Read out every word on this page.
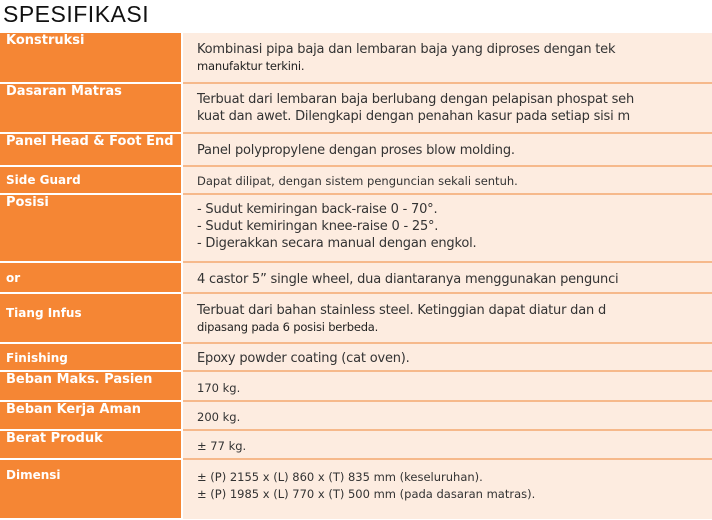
SPESIFIKASI
Konstruksi	Kombinasi pipa baja dan lembaran baja yang diproses dengan tek
manufaktur terkini.

Dasaran Matras	Terbuat dari lembaran baja berlubang dengan pelapisan phospat seh
kuat dan awet. Dilengkapi dengan penahan kasur pada setiap sisi m

Panel Head & Foot End	Panel polypropylene dengan proses blow molding.

Side Guard	Dapat dilipat, dengan sistem penguncian sekali sentuh.

Posisi	- Sudut kemiringan back-raise 0 - 70°.
- Sudut kemiringan knee-raise 0 - 25°.
- Digerakkan secara manual dengan engkol.

or	4 castor 5” single wheel, dua diantaranya menggunakan pengunci

Tiang Infus	Terbuat dari bahan stainless steel. Ketinggian dapat diatur dan d
dipasang pada 6 posisi berbeda.

Finishing	Epoxy powder coating (cat oven).

Beban Maks. Pasien	170 kg.

Beban Kerja Aman	200 kg.

Berat Produk	± 77 kg.

Dimensi	± (P) 2155 x (L) 860 x (T) 835 mm (keseluruhan).
± (P) 1985 x (L) 770 x (T) 500 mm (pada dasaran matras).
